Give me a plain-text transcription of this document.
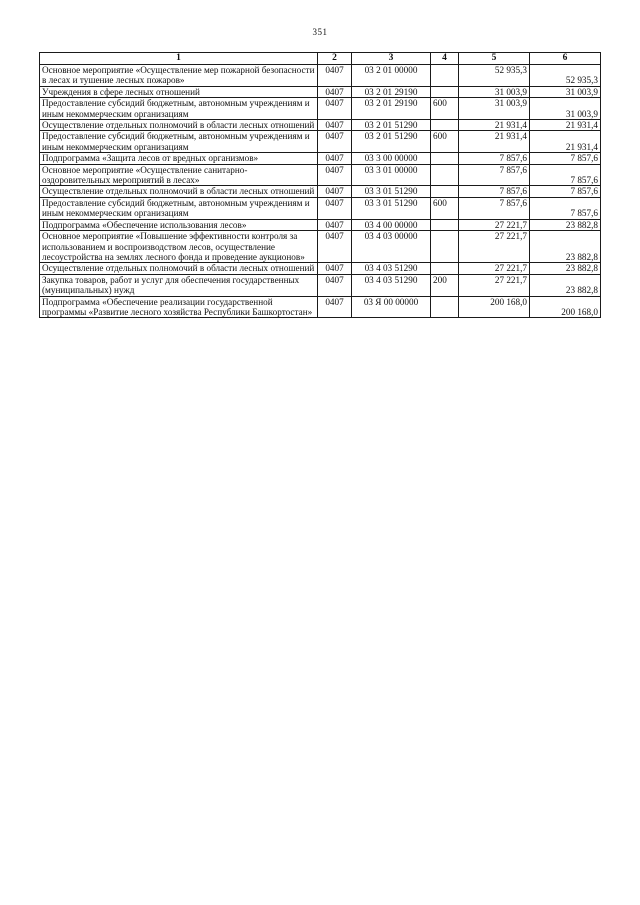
351
1	2	3	4	5	6
Основное мероприятие «Осуществление мер пожарной безопасности в лесах и тушение лесных пожаров»	0407	03 2 01 00000		52 935,3	52 935,3
Учреждения в сфере лесных отношений	0407	03 2 01 29190		31 003,9	31 003,9
Предоставление субсидий бюджетным, автономным учреждениям и иным некоммерческим организациям	0407	03 2 01 29190	600	31 003,9	31 003,9
Осуществление отдельных полномочий в области лесных отношений	0407	03 2 01 51290		21 931,4	21 931,4
Предоставление субсидий бюджетным, автономным учреждениям и иным некоммерческим организациям	0407	03 2 01 51290	600	21 931,4	21 931,4
Подпрограмма «Защита лесов от вредных организмов»	0407	03 3 00 00000		7 857,6	7 857,6
Основное мероприятие «Осуществление санитарно-оздоровительных мероприятий в лесах»	0407	03 3 01 00000		7 857,6	7 857,6
Осуществление отдельных полномочий в области лесных отношений	0407	03 3 01 51290		7 857,6	7 857,6
Предоставление субсидий бюджетным, автономным учреждениям и иным некоммерческим организациям	0407	03 3 01 51290	600	7 857,6	7 857,6
Подпрограмма «Обеспечение использования лесов»	0407	03 4 00 00000		27 221,7	23 882,8
Основное мероприятие «Повышение эффективности контроля за использованием и воспроизводством лесов, осуществление лесоустройства на землях лесного фонда и проведение аукционов»	0407	03 4 03 00000		27 221,7	23 882,8
Осуществление отдельных полномочий в области лесных отношений	0407	03 4 03 51290		27 221,7	23 882,8
Закупка товаров, работ и услуг для обеспечения государственных (муниципальных) нужд	0407	03 4 03 51290	200	27 221,7	23 882,8
Подпрограмма «Обеспечение реализации государственной программы «Развитие лесного хозяйства Республики Башкортостан»	0407	03 Я 00 00000		200 168,0	200 168,0
